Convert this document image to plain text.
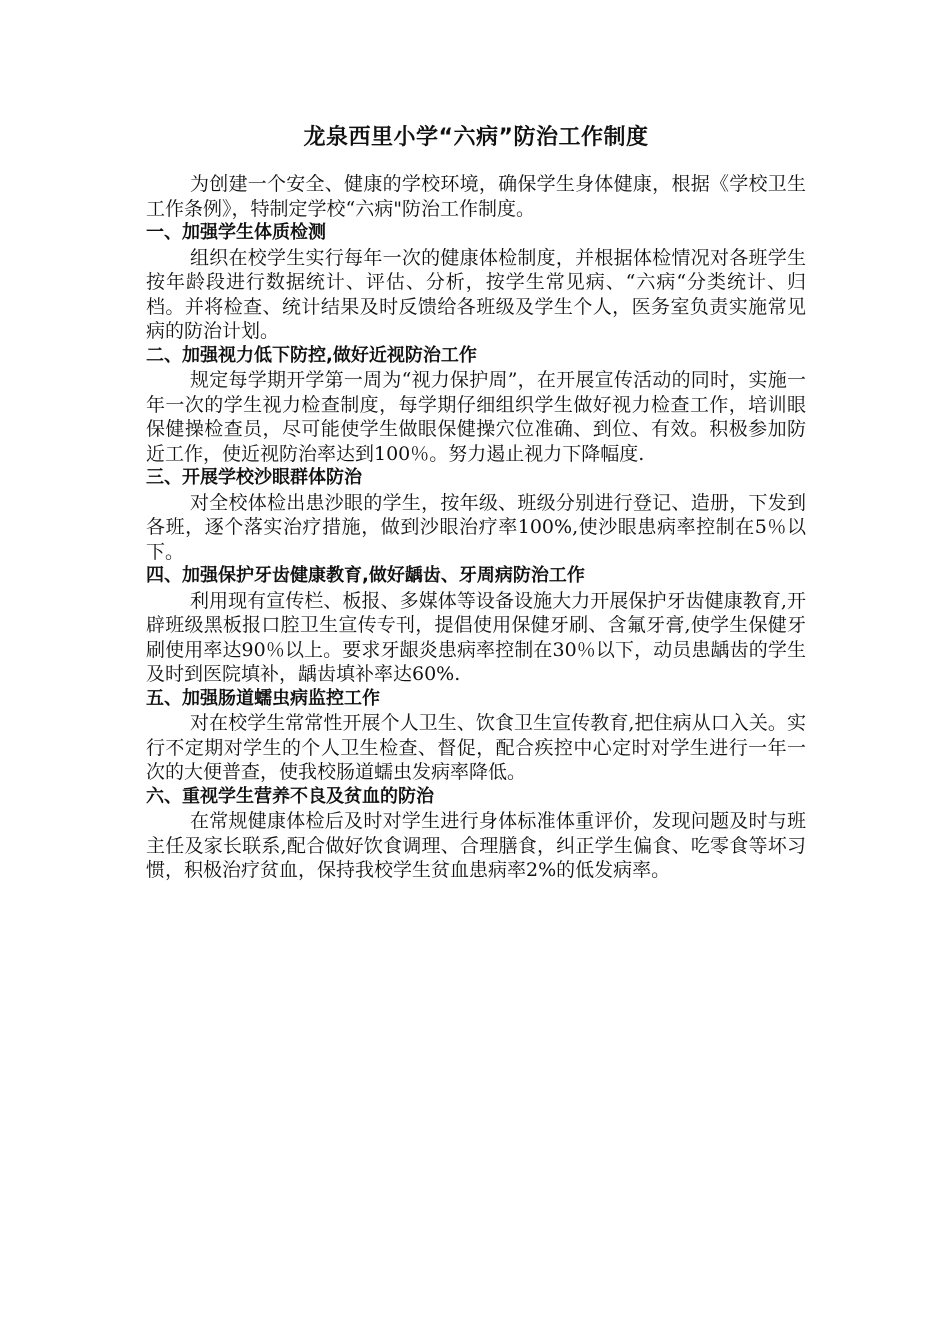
龙泉西里小学“六病”防治工作制度

为创建一个安全、健康的学校环境，确保学生身体健康，根据《学校卫生工作条例》，特制定学校“六病"防治工作制度。

一、加强学生体质检测

组织在校学生实行每年一次的健康体检制度，并根据体检情况对各班学生按年龄段进行数据统计、评估、分析，按学生常见病、“六病“分类统计、归档。并将检查、统计结果及时反馈给各班级及学生个人，医务室负责实施常见病的防治计划。

二、加强视力低下防控,做好近视防治工作

规定每学期开学第一周为“视力保护周”，在开展宣传活动的同时，实施一年一次的学生视力检查制度，每学期仔细组织学生做好视力检查工作，培训眼保健操检查员，尽可能使学生做眼保健操穴位准确、到位、有效。积极参加防近工作，使近视防治率达到100％。努力遏止视力下降幅度.

三、开展学校沙眼群体防治

对全校体检出患沙眼的学生，按年级、班级分别进行登记、造册，下发到各班，逐个落实治疗措施，做到沙眼治疗率100%,使沙眼患病率控制在5％以下。

四、加强保护牙齿健康教育,做好龋齿、牙周病防治工作

利用现有宣传栏、板报、多媒体等设备设施大力开展保护牙齿健康教育,开辟班级黑板报口腔卫生宣传专刊，提倡使用保健牙刷、含氟牙膏,使学生保健牙刷使用率达90％以上。要求牙龈炎患病率控制在30％以下，动员患龋齿的学生及时到医院填补，龋齿填补率达60%.

五、加强肠道蠕虫病监控工作

对在校学生常常性开展个人卫生、饮食卫生宣传教育,把住病从口入关。实行不定期对学生的个人卫生检查、督促，配合疾控中心定时对学生进行一年一次的大便普查，使我校肠道蠕虫发病率降低。

六、重视学生营养不良及贫血的防治

在常规健康体检后及时对学生进行身体标准体重评价，发现问题及时与班主任及家长联系,配合做好饮食调理、合理膳食，纠正学生偏食、吃零食等坏习惯，积极治疗贫血，保持我校学生贫血患病率2%的低发病率。
